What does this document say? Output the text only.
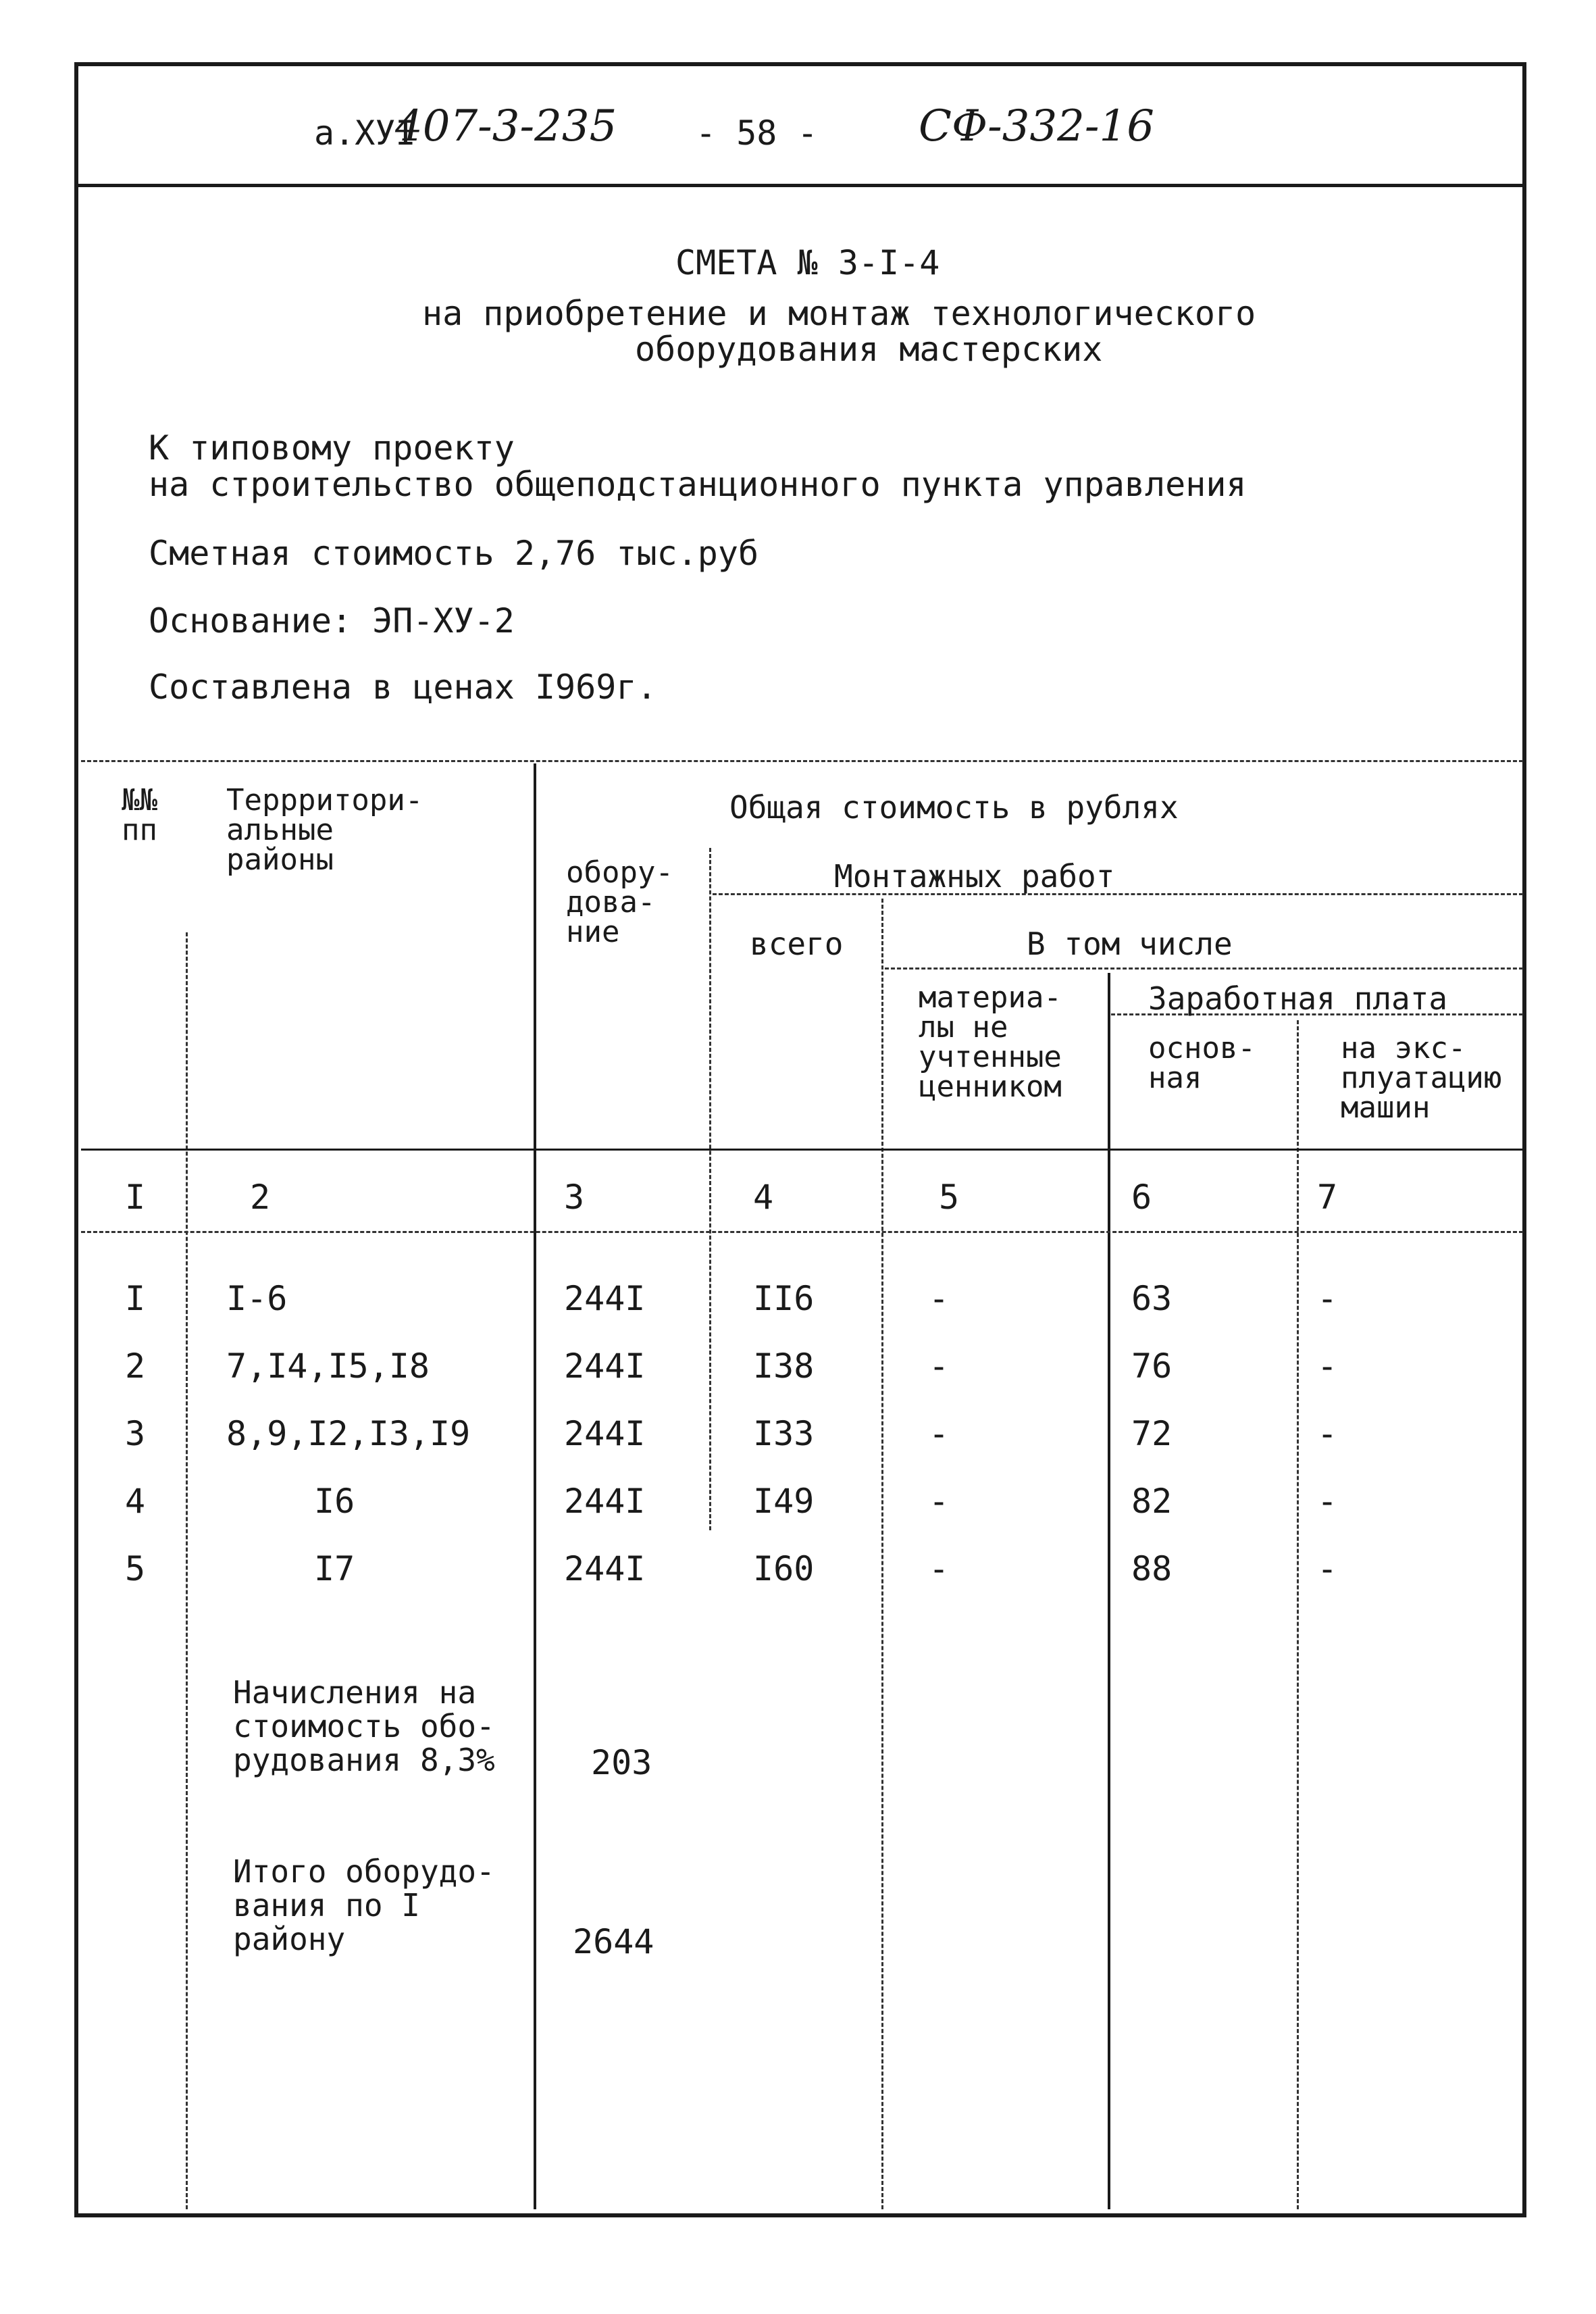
а.XУI
407-3-235 - 58 - СФ-332-16
СМЕТА № 3-I-4
на приобретение и монтаж технологического
оборудования мастерских
К типовому проекту
на строительство общеподстанционного пункта управления
Сметная стоимость 2,76 тыс.руб
Основание: ЭП-ХУ-2
Составлена в ценах I969г.
№№
пп
Террритори-
альные
районы
Общая стоимость в рублях
обору-
дова-
ние
Монтажных работ
всего	В том числе
материа-
лы не
учтенные
ценником
Заработная плата
основ-
ная
на экс-
плуатацию
машин
I	2	3	4	5	6	7
I I-6	244I	II6	-	63	-
2 7,I4,I5,I8	244I	I38	-	76	-
3 8,9,I2,I3,I9	244I	I33	-	72	-
4	I6	244I	I49	-	82	-
5	I7	244I	I60	-	88	-
Начисления на
стоимость обо-
рудования 8,3%	203
Итого оборудо-
вания по I
району	2644
